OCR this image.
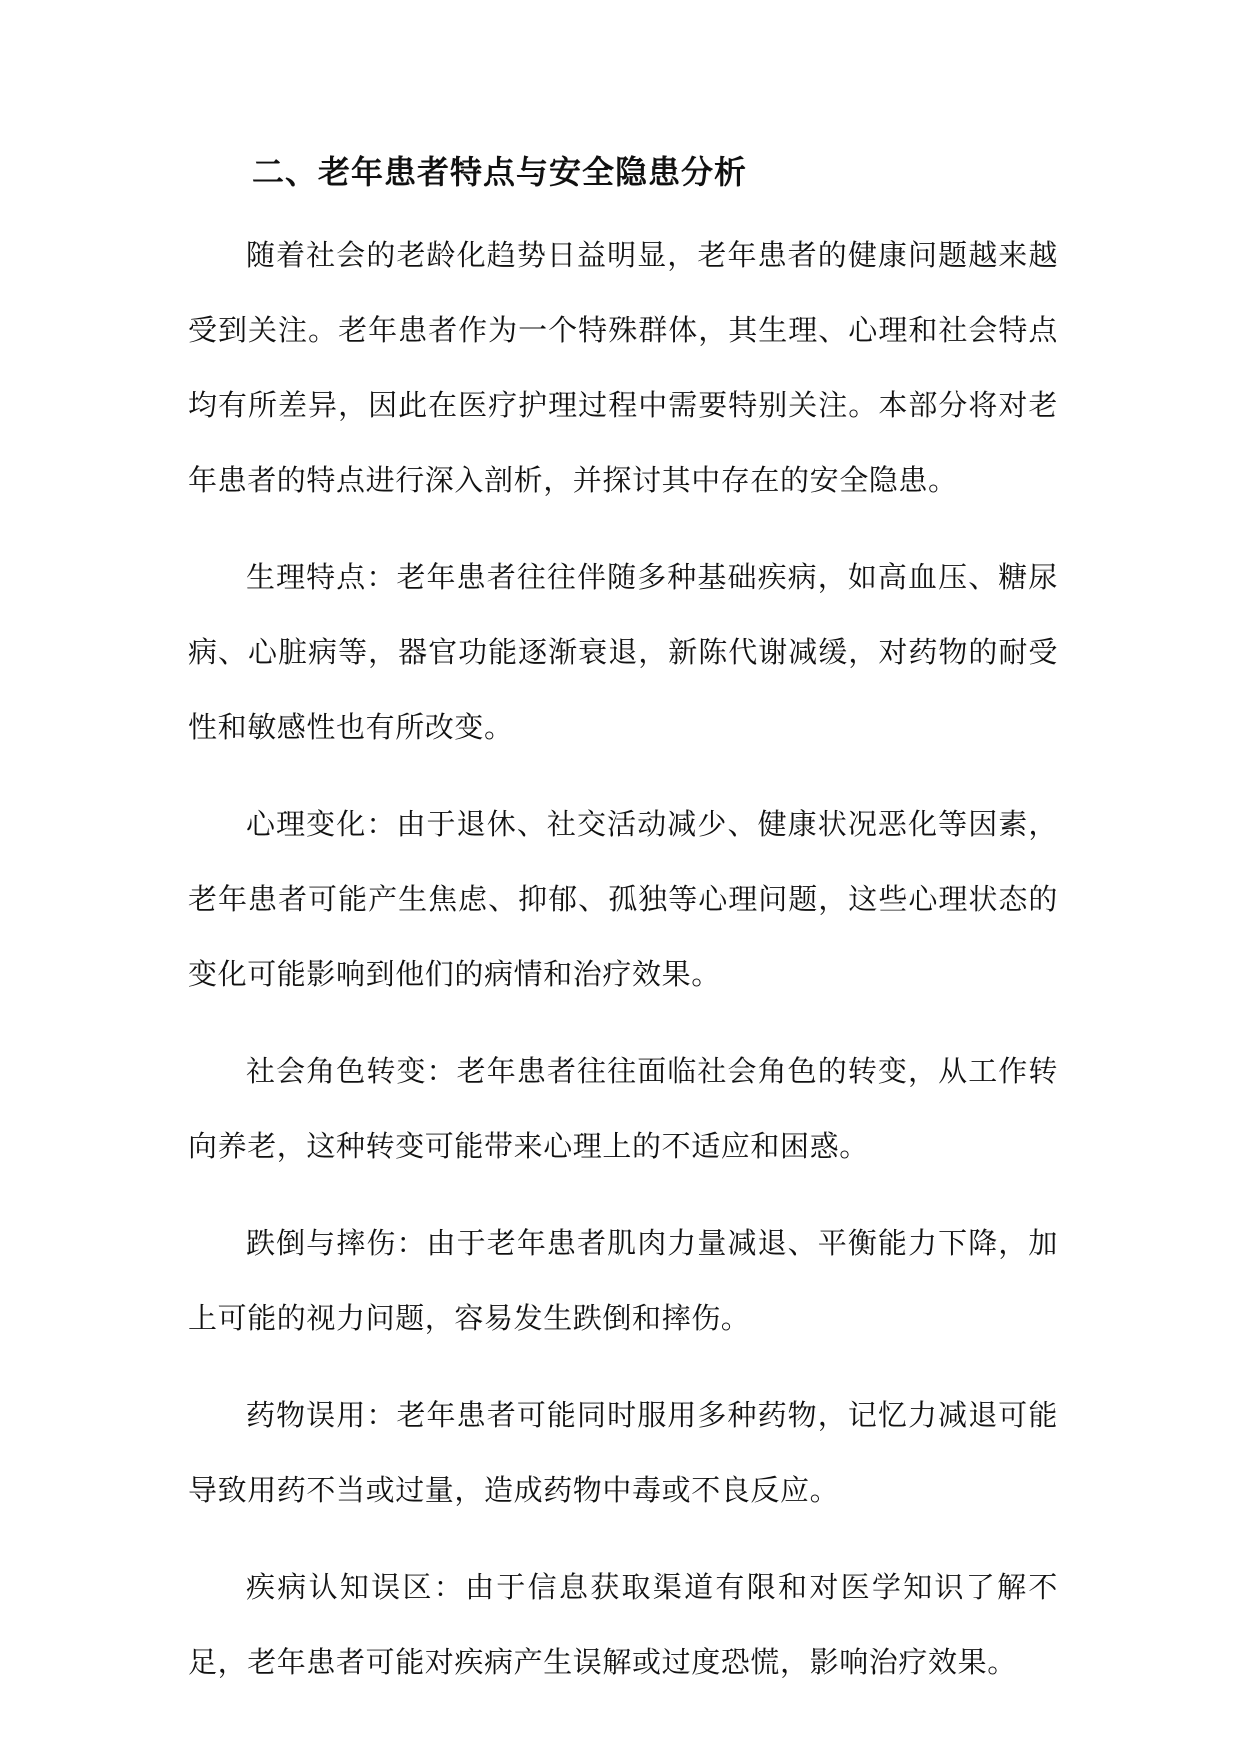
二、老年患者特点与安全隐患分析

随着社会的老龄化趋势日益明显，老年患者的健康问题越来越受到关注。老年患者作为一个特殊群体，其生理、心理和社会特点均有所差异，因此在医疗护理过程中需要特别关注。本部分将对老年患者的特点进行深入剖析，并探讨其中存在的安全隐患。

生理特点：老年患者往往伴随多种基础疾病，如高血压、糖尿病、心脏病等，器官功能逐渐衰退，新陈代谢减缓，对药物的耐受性和敏感性也有所改变。

心理变化：由于退休、社交活动减少、健康状况恶化等因素，老年患者可能产生焦虑、抑郁、孤独等心理问题，这些心理状态的变化可能影响到他们的病情和治疗效果。

社会角色转变：老年患者往往面临社会角色的转变，从工作转向养老，这种转变可能带来心理上的不适应和困惑。

跌倒与摔伤：由于老年患者肌肉力量减退、平衡能力下降，加上可能的视力问题，容易发生跌倒和摔伤。

药物误用：老年患者可能同时服用多种药物，记忆力减退可能导致用药不当或过量，造成药物中毒或不良反应。

疾病认知误区：由于信息获取渠道有限和对医学知识了解不足，老年患者可能对疾病产生误解或过度恐慌，影响治疗效果。
